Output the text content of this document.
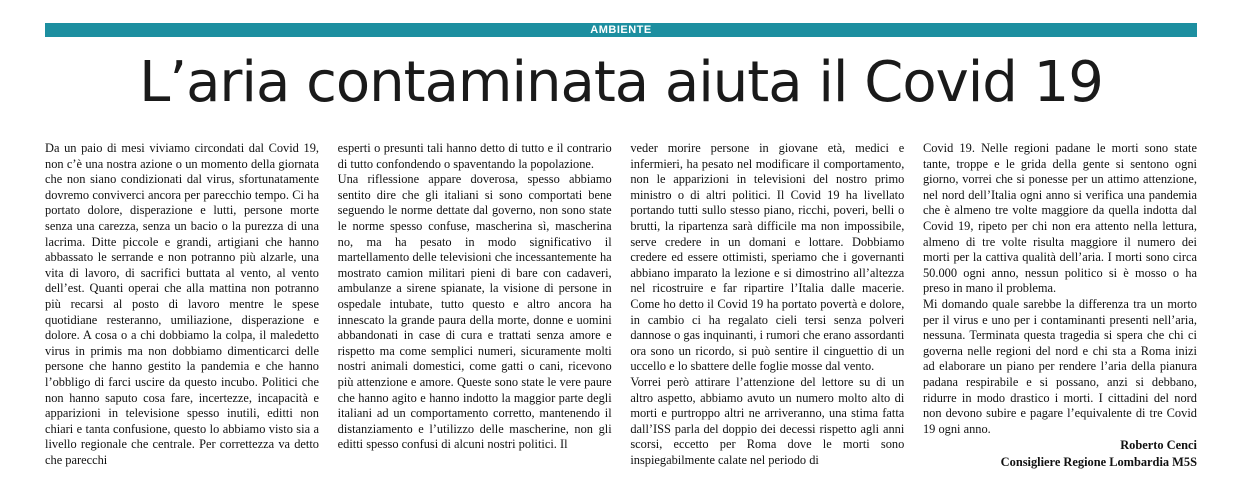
AMBIENTE
L’aria contaminata aiuta il Covid 19

Da un paio di mesi viviamo circondati dal Covid 19, non c’è una nostra azione o un momento della giornata che non siano condizionati dal virus, sfortunatamente dovremo conviverci ancora per parecchio tempo. Ci ha portato dolore, disperazione e lutti, persone morte senza una carezza, senza un bacio o la purezza di una lacrima. Ditte piccole e grandi, artigiani che hanno abbassato le serrande e non potranno più alzarle, una vita di lavoro, di sacrifici buttata al vento, al vento dell’est. Quanti operai che alla mattina non potranno più recarsi al posto di lavoro mentre le spese quotidiane resteranno, umiliazione, disperazione e dolore. A cosa o a chi dobbiamo la colpa, il maledetto virus in primis ma non dobbiamo dimenticarci delle persone che hanno gestito la pandemia e che hanno l’obbligo di farci uscire da questo incubo. Politici che non hanno saputo cosa fare, incertezze, incapacità e apparizioni in televisione spesso inutili, editti non chiari e tanta confusione, questo lo abbiamo visto sia a livello regionale che centrale. Per correttezza va detto che parecchi

esperti o presunti tali hanno detto di tutto e il contrario di tutto confondendo o spaventando la popolazione.
Una riflessione appare doverosa, spesso abbiamo sentito dire che gli italiani si sono comportati bene seguendo le norme dettate dal governo, non sono state le norme spesso confuse, mascherina sì, mascherina no, ma ha pesato in modo significativo il martellamento delle televisioni che incessantemente ha mostrato camion militari pieni di bare con cadaveri, ambulanze a sirene spianate, la visione di persone in ospedale intubate, tutto questo e altro ancora ha innescato la grande paura della morte, donne e uomini abbandonati in case di cura e trattati senza amore e rispetto ma come semplici numeri, sicuramente molti nostri animali domestici, come gatti o cani, ricevono più attenzione e amore. Queste sono state le vere paure che hanno agito e hanno indotto la maggior parte degli italiani ad un comportamento corretto, mantenendo il distanziamento e l’utilizzo delle mascherine, non gli editti spesso confusi di alcuni nostri politici. Il

veder morire persone in giovane età, medici e infermieri, ha pesato nel modificare il comportamento, non le apparizioni in televisioni del nostro primo ministro o di altri politici. Il Covid 19 ha livellato portando tutti sullo stesso piano, ricchi, poveri, belli o brutti, la ripartenza sarà difficile ma non impossibile, serve credere in un domani e lottare. Dobbiamo credere ed essere ottimisti, speriamo che i governanti abbiano imparato la lezione e si dimostrino all’altezza nel ricostruire e far ripartire l’Italia dalle macerie. Come ho detto il Covid 19 ha portato povertà e dolore, in cambio ci ha regalato cieli tersi senza polveri dannose o gas inquinanti, i rumori che erano assordanti ora sono un ricordo, si può sentire il cinguettio di un uccello e lo sbattere delle foglie mosse dal vento.
Vorrei però attirare l’attenzione del lettore su di un altro aspetto, abbiamo avuto un numero molto alto di morti e purtroppo altri ne arriveranno, una stima fatta dall’ISS parla del doppio dei decessi rispetto agli anni scorsi, eccetto per Roma dove le morti sono inspiegabilmente calate nel periodo di

Covid 19. Nelle regioni padane le morti sono state tante, troppe e le grida della gente si sentono ogni giorno, vorrei che si ponesse per un attimo attenzione, nel nord dell’Italia ogni anno si verifica una pandemia che è almeno tre volte maggiore da quella indotta dal Covid 19, ripeto per chi non era attento nella lettura, almeno di tre volte risulta maggiore il numero dei morti per la cattiva qualità dell’aria. I morti sono circa 50.000 ogni anno, nessun politico si è mosso o ha preso in mano il problema.
Mi domando quale sarebbe la differenza tra un morto per il virus e uno per i contaminanti presenti nell’aria, nessuna. Terminata questa tragedia si spera che chi ci governa nelle regioni del nord e chi sta a Roma inizi ad elaborare un piano per rendere l’aria della pianura padana respirabile e si possano, anzi si debbano, ridurre in modo drastico i morti. I cittadini del nord non devono subire e pagare l’equivalente di tre Covid 19 ogni anno.

Roberto Cenci
Consigliere Regione Lombardia M5S
